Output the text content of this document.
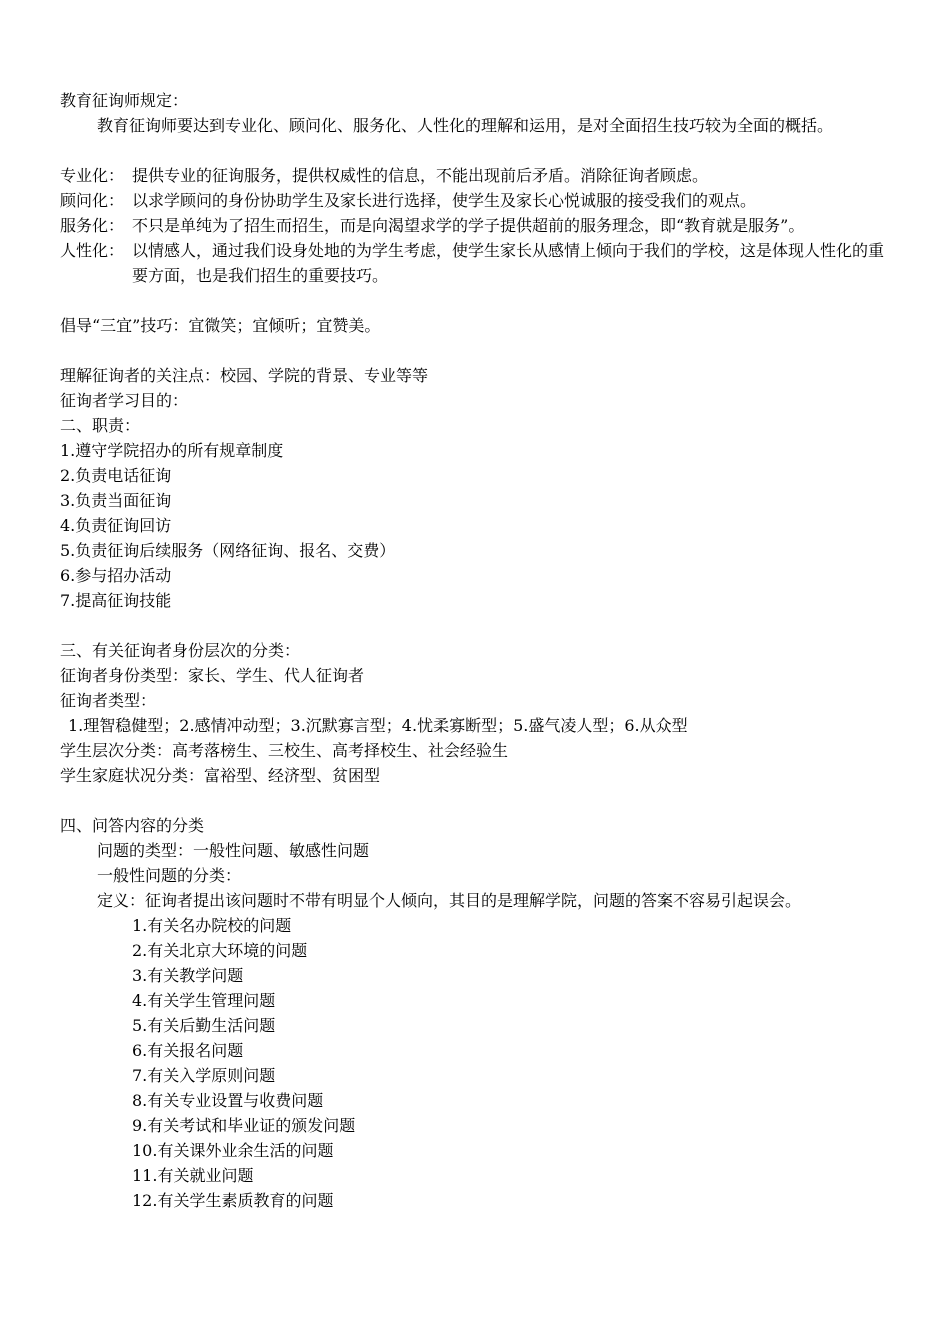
教育征询师规定：
教育征询师要达到专业化、顾问化、服务化、人性化的理解和运用，是对全面招生技巧较为全面的概括。
专业化： 提供专业的征询服务，提供权威性的信息，不能出现前后矛盾。消除征询者顾虑。
顾问化： 以求学顾问的身份协助学生及家长进行选择，使学生及家长心悦诚服的接受我们的观点。
服务化： 不只是单纯为了招生而招生，而是向渴望求学的学子提供超前的服务理念，即“教育就是服务”。
人性化： 以情感人，通过我们设身处地的为学生考虑，使学生家长从感情上倾向于我们的学校，这是体现人性化的重要方面，也是我们招生的重要技巧。
倡导“三宜”技巧：宜微笑；宜倾听；宜赞美。
理解征询者的关注点：校园、学院的背景、专业等等
征询者学习目的：
二、职责：
1.遵守学院招办的所有规章制度
2.负责电话征询
3.负责当面征询
4.负责征询回访
5.负责征询后续服务（网络征询、报名、交费）
6.参与招办活动
7.提高征询技能
三、有关征询者身份层次的分类：
征询者身份类型：家长、学生、代人征询者
征询者类型：
1.理智稳健型；2.感情冲动型；3.沉默寡言型；4.忧柔寡断型；5.盛气凌人型；6.从众型
学生层次分类：高考落榜生、三校生、高考择校生、社会经验生
学生家庭状况分类：富裕型、经济型、贫困型
四、问答内容的分类
问题的类型：一般性问题、敏感性问题
一般性问题的分类：
定义： 征询者提出该问题时不带有明显个人倾向，其目的是理解学院，问题的答案不容易引起误会。
1.有关名办院校的问题
2.有关北京大环境的问题
3.有关教学问题
4.有关学生管理问题
5.有关后勤生活问题
6.有关报名问题
7.有关入学原则问题
8.有关专业设置与收费问题
9.有关考试和毕业证的颁发问题
10.有关课外业余生活的问题
11.有关就业问题
12.有关学生素质教育的问题
